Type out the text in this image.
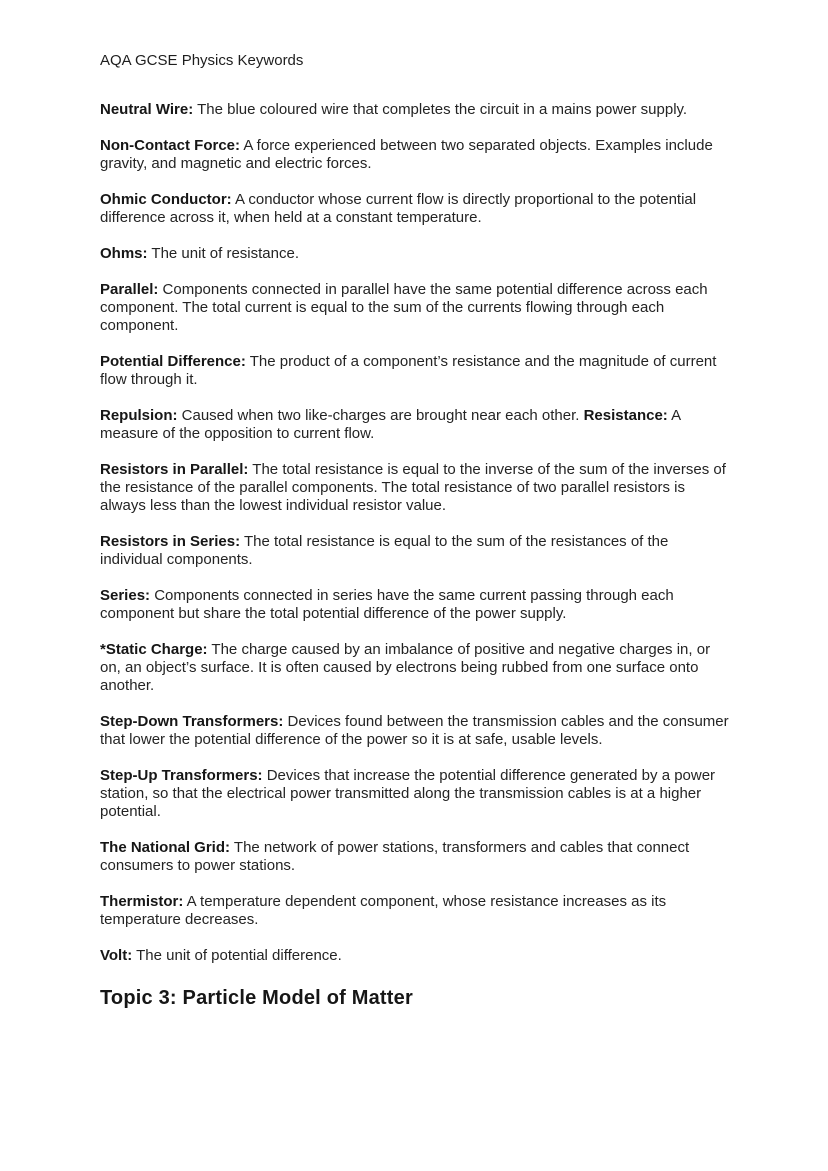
AQA GCSE Physics Keywords

Neutral Wire: The blue coloured wire that completes the circuit in a mains power supply.

Non-Contact Force: A force experienced between two separated objects. Examples include gravity, and magnetic and electric forces.

Ohmic Conductor: A conductor whose current flow is directly proportional to the potential difference across it, when held at a constant temperature.

Ohms: The unit of resistance.

Parallel: Components connected in parallel have the same potential difference across each component. The total current is equal to the sum of the currents flowing through each component.

Potential Difference: The product of a component’s resistance and the magnitude of current flow through it.

Repulsion: Caused when two like-charges are brought near each other. Resistance: A measure of the opposition to current flow.

Resistors in Parallel: The total resistance is equal to the inverse of the sum of the inverses of the resistance of the parallel components. The total resistance of two parallel resistors is always less than the lowest individual resistor value.

Resistors in Series: The total resistance is equal to the sum of the resistances of the individual components.

Series: Components connected in series have the same current passing through each component but share the total potential difference of the power supply.

*Static Charge: The charge caused by an imbalance of positive and negative charges in, or on, an object’s surface. It is often caused by electrons being rubbed from one surface onto another.

Step-Down Transformers: Devices found between the transmission cables and the consumer that lower the potential difference of the power so it is at safe, usable levels.

Step-Up Transformers: Devices that increase the potential difference generated by a power station, so that the electrical power transmitted along the transmission cables is at a higher potential.

The National Grid: The network of power stations, transformers and cables that connect consumers to power stations.

Thermistor: A temperature dependent component, whose resistance increases as its temperature decreases.

Volt: The unit of potential difference.

Topic 3: Particle Model of Matter
